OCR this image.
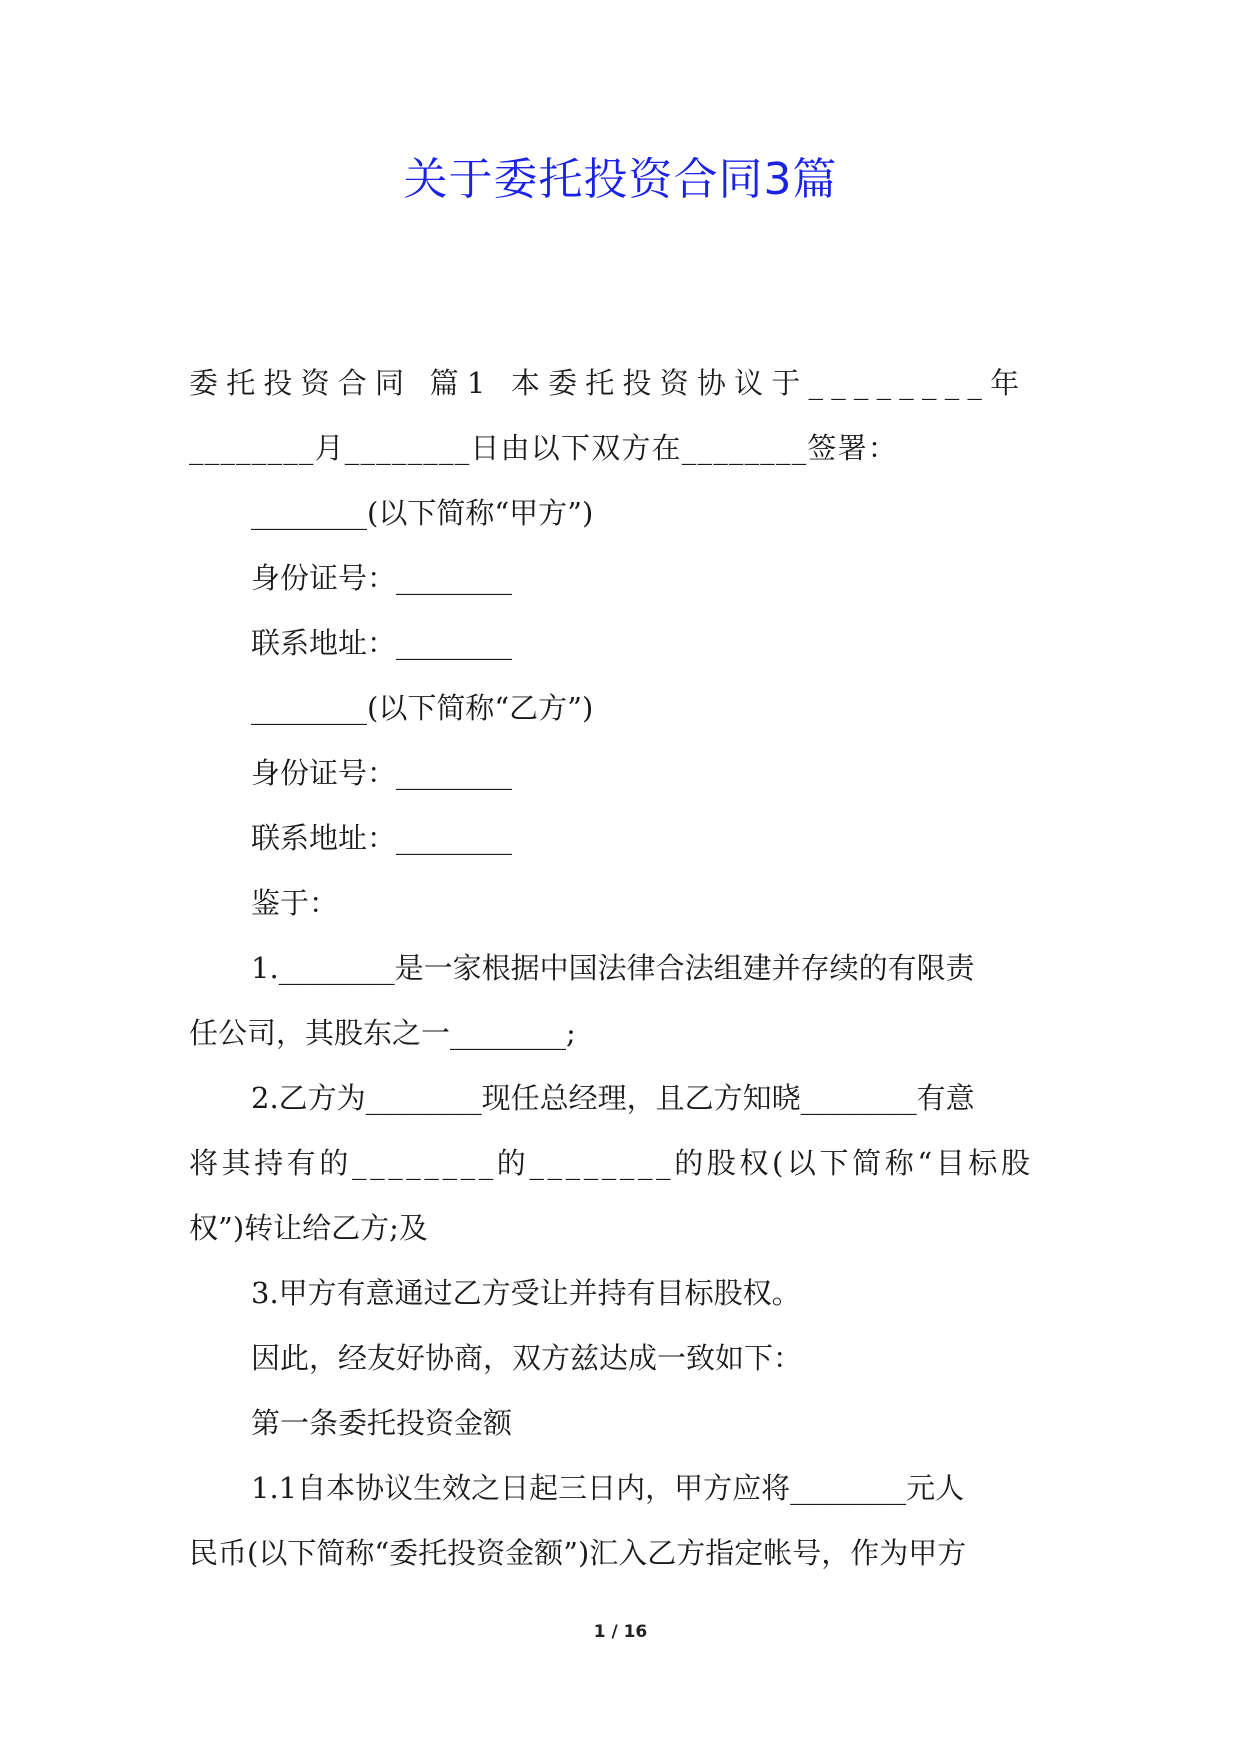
关于委托投资合同3篇

委托投资合同 篇1 本委托投资协议于________年

________月________日由以下双方在________签署：

________(以下简称“甲方”)

身份证号：________

联系地址：________

________(以下简称“乙方”)

身份证号：________

联系地址：________

鉴于：

1.________是一家根据中国法律合法组建并存续的有限责

任公司，其股东之一________;

2.乙方为________现任总经理，且乙方知晓________有意

将其持有的________的________的股权(以下简称“目标股

权”)转让给乙方;及

3.甲方有意通过乙方受让并持有目标股权。

因此，经友好协商，双方兹达成一致如下：

第一条委托投资金额

1.1自本协议生效之日起三日内，甲方应将________元人

民币(以下简称“委托投资金额”)汇入乙方指定帐号，作为甲方

1 / 16
